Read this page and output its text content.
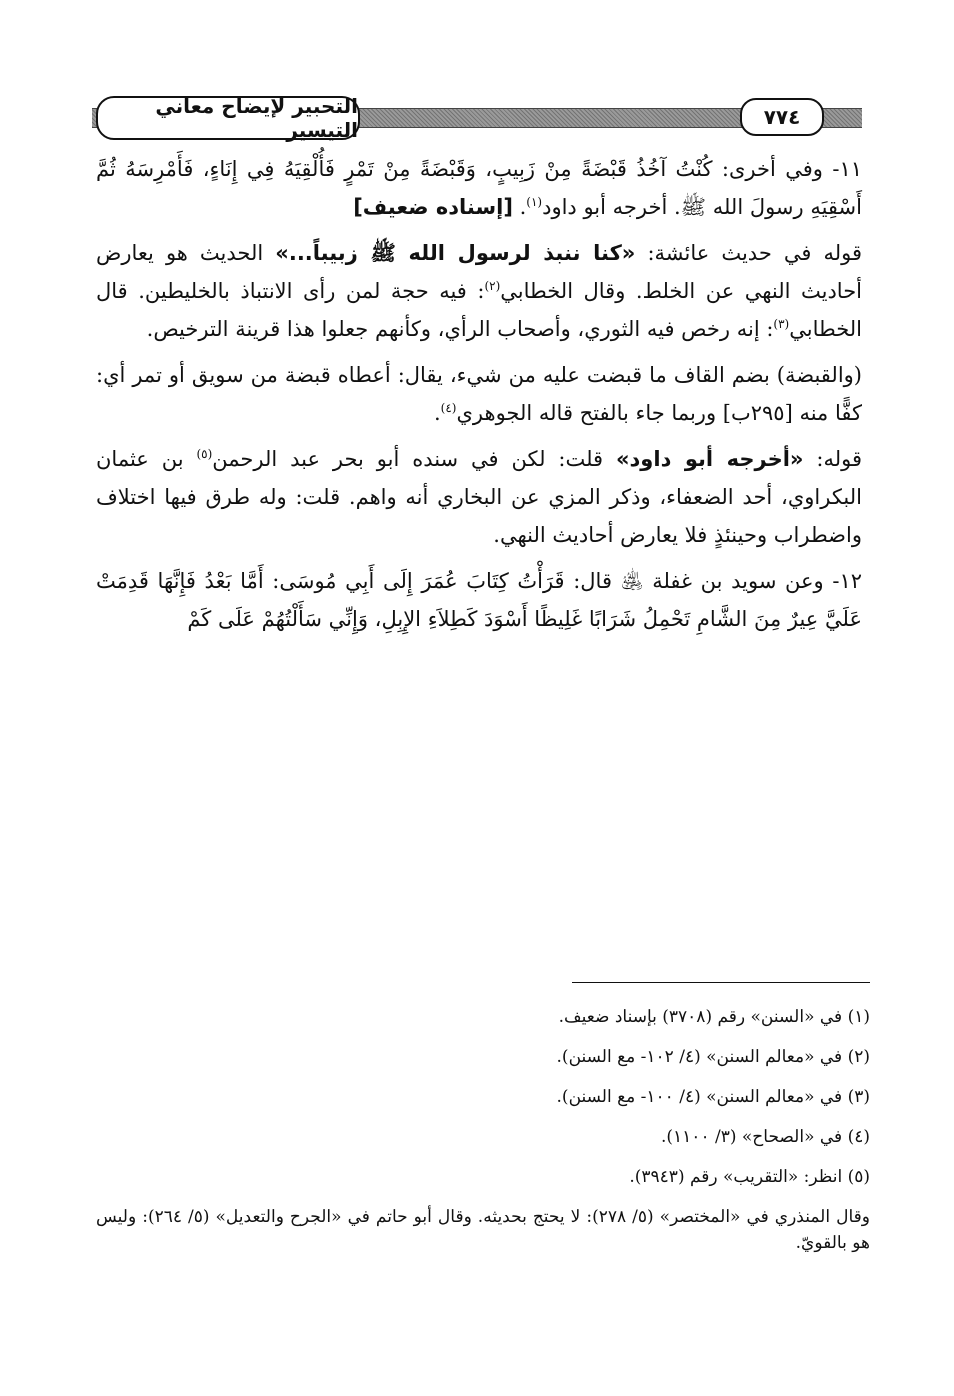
التحبير لإيضاح معاني التيسير
٧٧٤

١١- وفي أخرى: كُنْتُ آخُذُ قَبْضَةً مِنْ زَبِيبٍ، وَقَبْضَةً مِنْ تَمْرٍ فَأُلْقِيَهُ فِي إِنَاءٍ، فَأَمْرِسَهُ ثُمَّ أَسْقِيَهِ رسولَ الله ﷺ. أخرجه أبو داود$^{(١)}$. [إسناده ضعيف]

قوله في حديث عائشة: «كنا ننبذ لرسول الله ﷺ زبيباً...» الحديث هو يعارض أحاديث النهي عن الخلط. وقال الخطابي$^{(٢)}$: فيه حجة لمن رأى الانتباذ بالخليطين. قال الخطابي$^{(٣)}$: إنه رخص فيه الثوري، وأصحاب الرأي، وكأنهم جعلوا هذا قرينة الترخيص.

(والقبضة) بضم القاف ما قبضت عليه من شيء، يقال: أعطاه قبضة من سويق أو تمر أي: كفًّا منه [٢٩٥ب] وربما جاء بالفتح قاله الجوهري$^{(٤)}$.

قوله: «أخرجه أبو داود» قلت: لكن في سنده أبو بحر عبد الرحمن$^{(٥)}$ بن عثمان البكراوي، أحد الضعفاء، وذكر المزي عن البخاري أنه واهم. قلت: وله طرق فيها اختلاف واضطراب وحينئذٍ فلا يعارض أحاديث النهي.

١٢- وعن سويد بن غفلة ﵁ قال: قَرَأْتُ كِتَابَ عُمَرَ إِلَى أَبِي مُوسَى: أَمَّا بَعْدُ فَإِنَّهَا قَدِمَتْ عَلَيَّ عِيرٌ مِنَ الشَّامِ تَحْمِلُ شَرَابًا غَلِيظًا أَسْوَدَ كَطِلاَءِ الإِبِلِ، وَإِنِّي سَأَلْتُهُمْ عَلَى كَمْ

(١) في «السنن» رقم (٣٧٠٨) بإسناد ضعيف.

(٢) في «معالم السنن» (٤/ ١٠٢- مع السنن).

(٣) في «معالم السنن» (٤/ ١٠٠- مع السنن).

(٤) في «الصحاح» (٣/ ١١٠٠).

(٥) انظر: «التقريب» رقم (٣٩٤٣).

وقال المنذري في «المختصر» (٥/ ٢٧٨): لا يحتج بحديثه. وقال أبو حاتم في «الجرح والتعديل» (٥/ ٢٦٤): وليس هو بالقويّ.
